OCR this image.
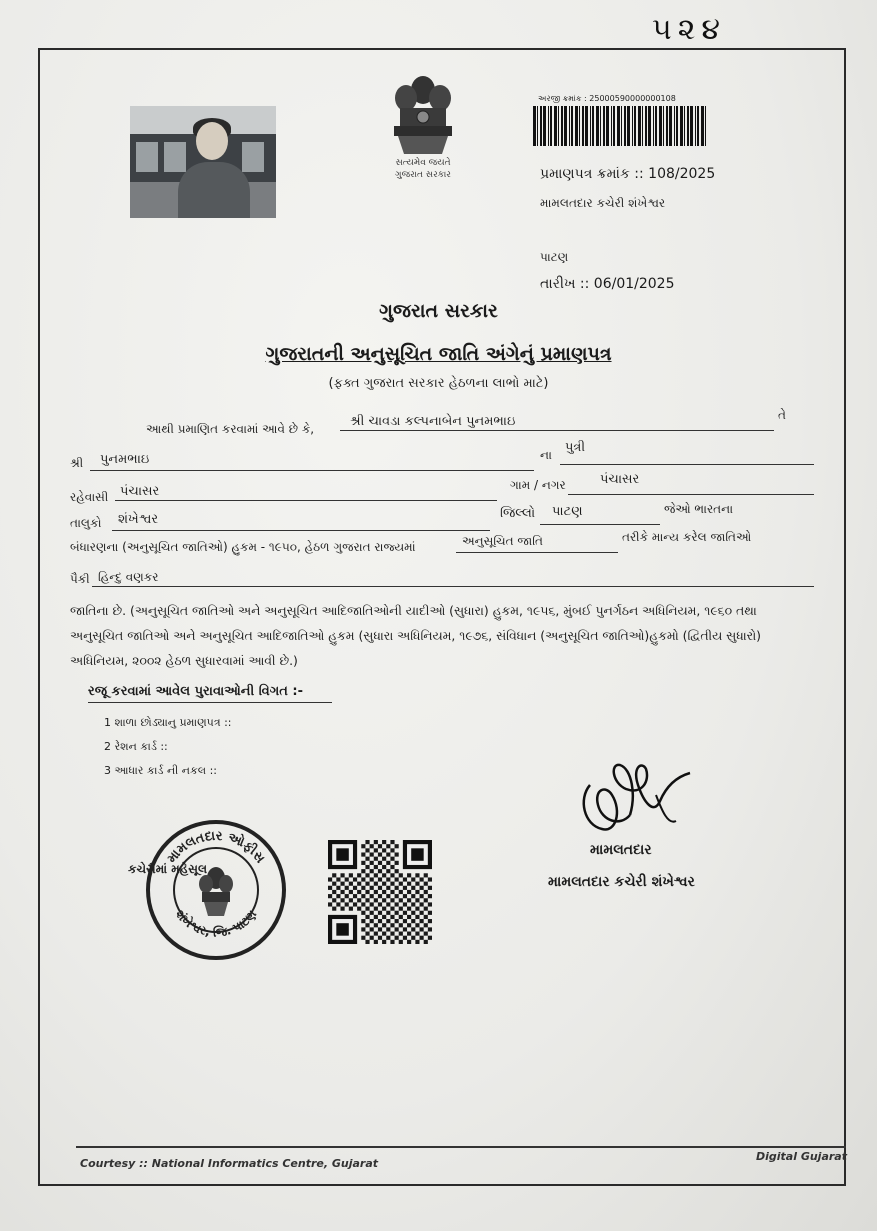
૫૨૪
સત્યમેવ જયતે
ગુજરાત સરકાર
અરજી ક્રમાંક : 25000590000000108
પ્રમાણપત્ર ક્રમાંક :: 108/2025
મામલતદાર કચેરી શંખેશ્વર
પાટણ
તારીખ :: 06/01/2025
ગુજરાત સરકાર
ગુજરાતની અનુસૂચિત જાતિ અંગેનું પ્રમાણપત્ર
(ફક્ત ગુજરાત સરકાર હેઠળના લાભો માટે)
આથી પ્રમાણિત કરવામાં આવે છે કે,	શ્રી ચાવડા કલ્પનાબેન પુનમભાઇ	તે
શ્રી પુનમભાઇ	ના પુત્રી
રહેવાસી પંચાસર	ગામ / નગર	પંચાસર
તાલુકો શંખેશ્વર	જિલ્લો પાટણ	જેઓ ભારતના
બંધારણના (અનુસૂચિત જાતિઓ) હુકમ - ૧૯૫૦, હેઠળ ગુજરાત રાજ્યમાં	અનુસૂચિત જાતિ	તરીકે માન્ય કરેલ જાતિઓ
પૈકી હિન્દુ વણકર
જાતિના છે. (અનુસૂચિત જાતિઓ અને અનુસૂચિત આદિજાતિઓની યાદીઓ (સુધારા) હુકમ, ૧૯૫૬, મુંબઈ પુનર્ગઠન અધિનિયમ, ૧૯૬૦ તથા
અનુસૂચિત જાતિઓ અને અનુસૂચિત આદિજાતિઓ હુકમ (સુધારા અધિનિયમ, ૧૯૭૬, સંવિધાન (અનુસૂચિત જાતિઓ)હુકમો (દ્વિતીય સુધારો)
અધિનિયમ, ૨૦૦૨ હેઠળ સુધારવામાં આવી છે.)
રજૂ કરવામાં આવેલ પુરાવાઓની વિગત :-
1 શાળા છોડ્યાનુ પ્રમાણપત્ર ::
2 રેશન કાર્ડ ::
3 આધાર કાર્ડ ની નકલ ::
મામલતદાર ઓફીસ
શંખેશ્વર, જિ. પાટણ
કચેરીમાં મહેસૂલ
મામલતદાર
મામલતદાર કચેરી શંખેશ્વર
Courtesy :: National Informatics Centre, Gujarat
Digital Gujarat
